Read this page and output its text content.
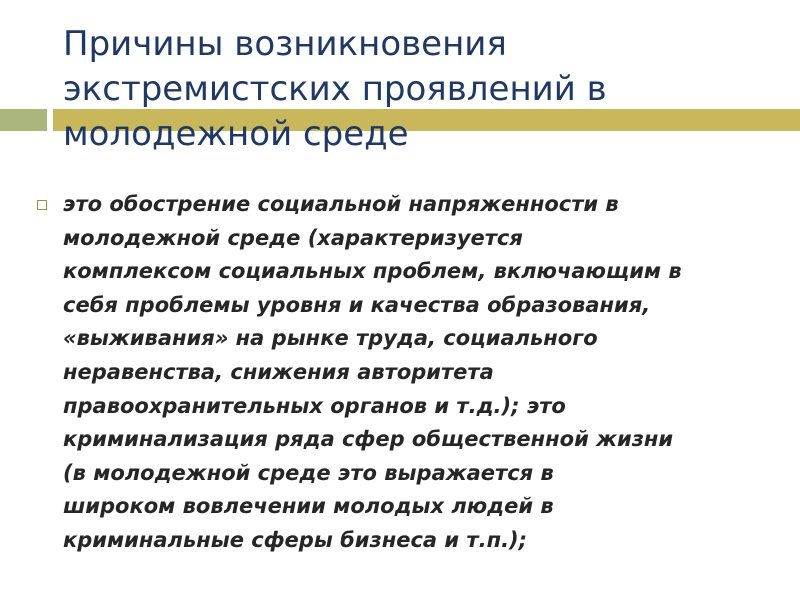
Причины возникновения
экстремистских проявлений в
молодежной среде
это обострение социальной напряженности в
молодежной среде (характеризуется
комплексом социальных проблем, включающим в
себя проблемы уровня и качества образования,
«выживания» на рынке труда, социального
неравенства, снижения авторитета
правоохранительных органов и т.д.); это
криминализация ряда сфер общественной жизни
(в молодежной среде это выражается в
широком вовлечении молодых людей в
криминальные сферы бизнеса и т.п.);
